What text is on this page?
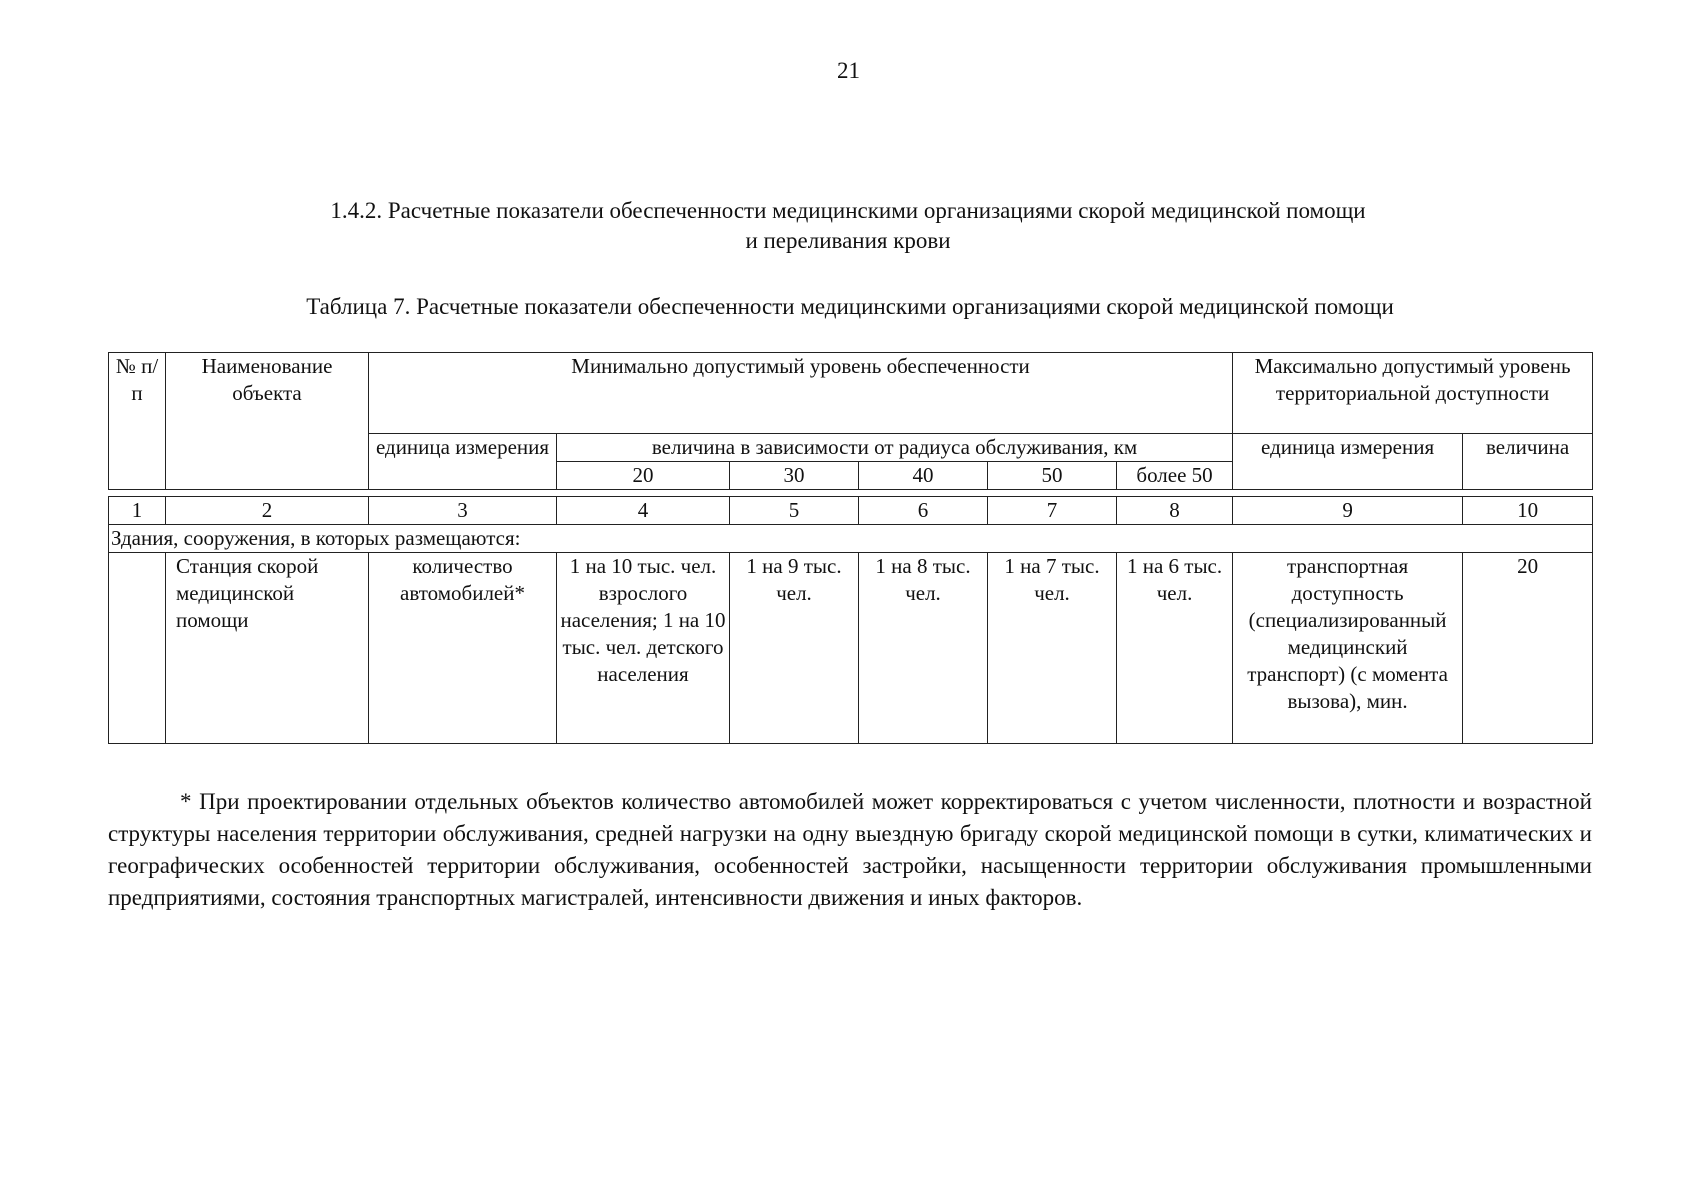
21
1.4.2. Расчетные показатели обеспеченности медицинскими организациями скорой медицинской помощи
и переливания крови
Таблица 7. Расчетные показатели обеспеченности медицинскими организациями скорой медицинской помощи
№ п/п	Наименование объекта	Минимально допустимый уровень обеспеченности						Максимально допустимый уровень территориальной доступности	
		единица измерения	величина в зависимости от радиуса обслуживания, км					единица измерения	величина
			20	30	40	50	более 50		

1	2	3	4	5	6	7	8	9	10
Здания, сооружения, в которых размещаются:									
	Станция скорой медицинской помощи	количество автомобилей*	1 на 10 тыс. чел. взрослого населения; 1 на 10 тыс. чел. детского населения	1 на 9 тыс. чел.	1 на 8 тыс. чел.	1 на 7 тыс. чел.	1 на 6 тыс. чел.	транспортная доступность (специализированный медицинский транспорт) (с момента вызова), мин.	20
* При проектировании отдельных объектов количество автомобилей может корректироваться с учетом численности, плотности и возрастной структуры населения территории обслуживания, средней нагрузки на одну выездную бригаду скорой медицинской помощи в сутки, климатических и географических особенностей территории обслуживания, особенностей застройки, насыщенности территории обслуживания промышленными предприятиями, состояния транспортных магистралей, интенсивности движения и иных факторов.
